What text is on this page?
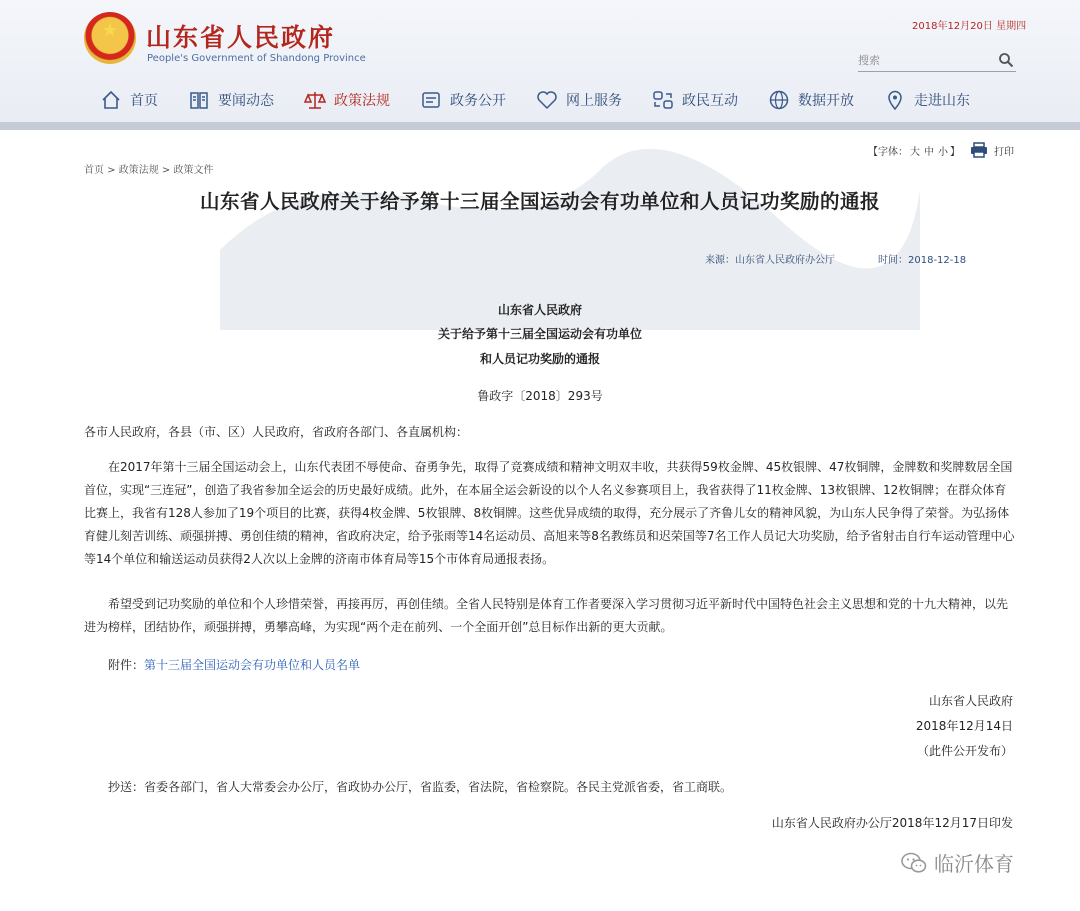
★	山东省人民政府
People's Government of Shandong Province
2018年12月20日 星期四
搜索
首页	要闻动态	政策法规	政务公开	网上服务	政民互动	数据开放	走进山东
首页 > 政策法规 > 政策文件
【字体： 大 中 小 】	打印
山东省人民政府关于给予第十三届全国运动会有功单位和人员记功奖励的通报
来源：山东省人民政府办公厅	时间：2018-12-18
山东省人民政府
关于给予第十三届全国运动会有功单位
和人员记功奖励的通报
鲁政字〔2018〕293号
各市人民政府，各县（市、区）人民政府，省政府各部门、各直属机构：
在2017年第十三届全国运动会上，山东代表团不辱使命、奋勇争先，取得了竞赛成绩和精神文明双丰收，共获得59枚金牌、45枚银牌、47枚铜牌，金牌数和奖牌数居全国首位，实现“三连冠”，创造了我省参加全运会的历史最好成绩。此外，在本届全运会新设的以个人名义参赛项目上，我省获得了11枚金牌、13枚银牌、12枚铜牌；在群众体育比赛上，我省有128人参加了19个项目的比赛，获得4枚金牌、5枚银牌、8枚铜牌。这些优异成绩的取得，充分展示了齐鲁儿女的精神风貌，为山东人民争得了荣誉。为弘扬体育健儿刻苦训练、顽强拼搏、勇创佳绩的精神，省政府决定，给予张雨等14名运动员、高旭来等8名教练员和迟荣国等7名工作人员记大功奖励，给予省射击自行车运动管理中心等14个单位和输送运动员获得2人次以上金牌的济南市体育局等15个市体育局通报表扬。
希望受到记功奖励的单位和个人珍惜荣誉，再接再厉，再创佳绩。全省人民特别是体育工作者要深入学习贯彻习近平新时代中国特色社会主义思想和党的十九大精神，以先进为榜样，团结协作，顽强拼搏，勇攀高峰，为实现“两个走在前列、一个全面开创”总目标作出新的更大贡献。
附件：第十三届全国运动会有功单位和人员名单
山东省人民政府
2018年12月14日
（此件公开发布）
抄送：省委各部门，省人大常委会办公厅，省政协办公厅，省监委，省法院，省检察院。各民主党派省委，省工商联。
山东省人民政府办公厅2018年12月17日印发
临沂体育
